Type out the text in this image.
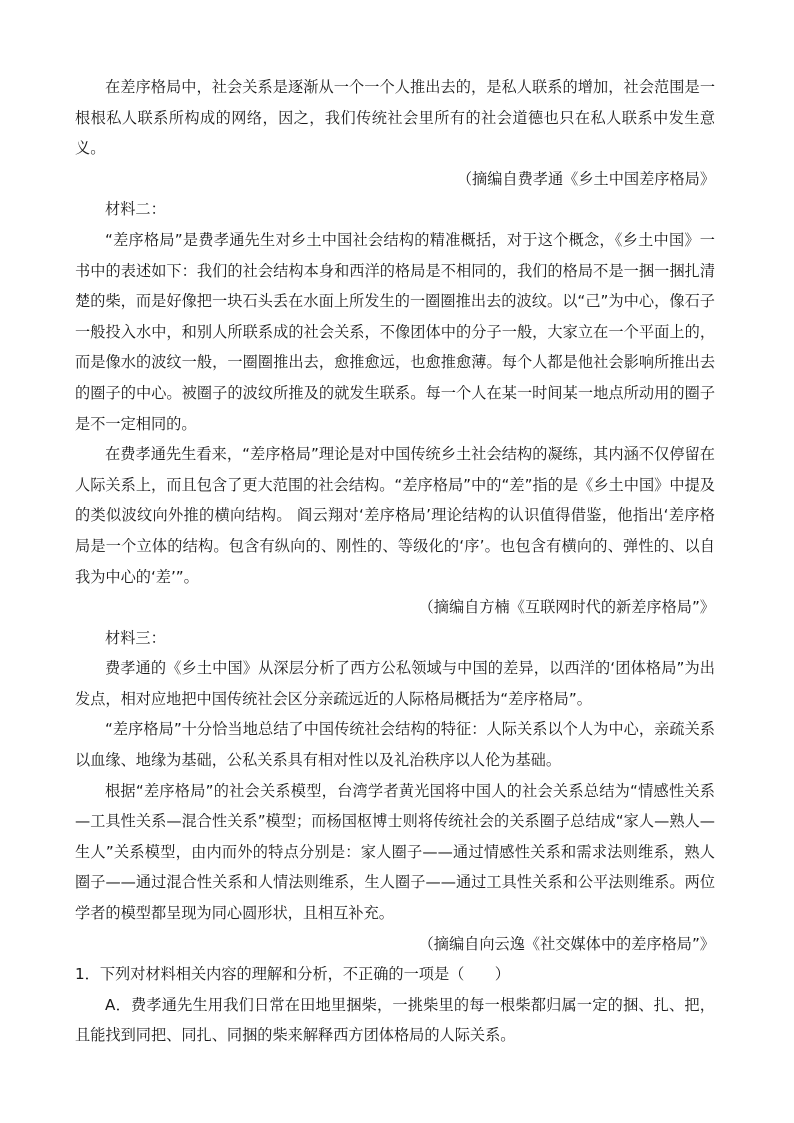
在差序格局中，社会关系是逐渐从一个一个人推出去的，是私人联系的增加，社会范围是一根根私人联系所构成的网络，因之，我们传统社会里所有的社会道德也只在私人联系中发生意义。

（摘编自费孝通《乡土中国差序格局》

材料二：

“差序格局”是费孝通先生对乡土中国社会结构的精准概括，对于这个概念，《乡土中国》一书中的表述如下：我们的社会结构本身和西洋的格局是不相同的，我们的格局不是一捆一捆扎清楚的柴，而是好像把一块石头丢在水面上所发生的一圈圈推出去的波纹。以“己”为中心，像石子一般投入水中，和别人所联系成的社会关系，不像团体中的分子一般，大家立在一个平面上的，而是像水的波纹一般，一圈圈推出去，愈推愈远，也愈推愈薄。每个人都是他社会影响所推出去的圈子的中心。被圈子的波纹所推及的就发生联系。每一个人在某一时间某一地点所动用的圈子是不一定相同的。

在费孝通先生看来，“差序格局”理论是对中国传统乡土社会结构的凝练，其内涵不仅停留在人际关系上，而且包含了更大范围的社会结构。“差序格局”中的“差”指的是《乡土中国》中提及的类似波纹向外推的横向结构。 阎云翔对‘差序格局’理论结构的认识值得借鉴，他指出‘差序格局是一个立体的结构。包含有纵向的、刚性的、等级化的‘序’。也包含有横向的、弹性的、以自我为中心的‘差’”。

（摘编自方楠《互联网时代的新差序格局”》

材料三：

费孝通的《乡土中国》从深层分析了西方公私领域与中国的差异，以西洋的‘团体格局”为出发点，相对应地把中国传统社会区分亲疏远近的人际格局概括为“差序格局”。

“差序格局”十分恰当地总结了中国传统社会结构的特征：人际关系以个人为中心，亲疏关系以血缘、地缘为基础，公私关系具有相对性以及礼治秩序以人伦为基础。

根据“差序格局”的社会关系模型，台湾学者黄光国将中国人的社会关系总结为“情感性关系—工具性关系—混合性关系”模型；而杨国枢博士则将传统社会的关系圈子总结成“家人—熟人—生人”关系模型，由内而外的特点分别是：家人圈子——通过情感性关系和需求法则维系，熟人圈子——通过混合性关系和人情法则维系，生人圈子——通过工具性关系和公平法则维系。两位学者的模型都呈现为同心圆形状，且相互补充。

（摘编自向云逸《社交媒体中的差序格局”》

1．下列对材料相关内容的理解和分析，不正确的一项是（　　）

A．费孝通先生用我们日常在田地里捆柴，一挑柴里的每一根柴都归属一定的捆、扎、把，且能找到同把、同扎、同捆的柴来解释西方团体格局的人际关系。
